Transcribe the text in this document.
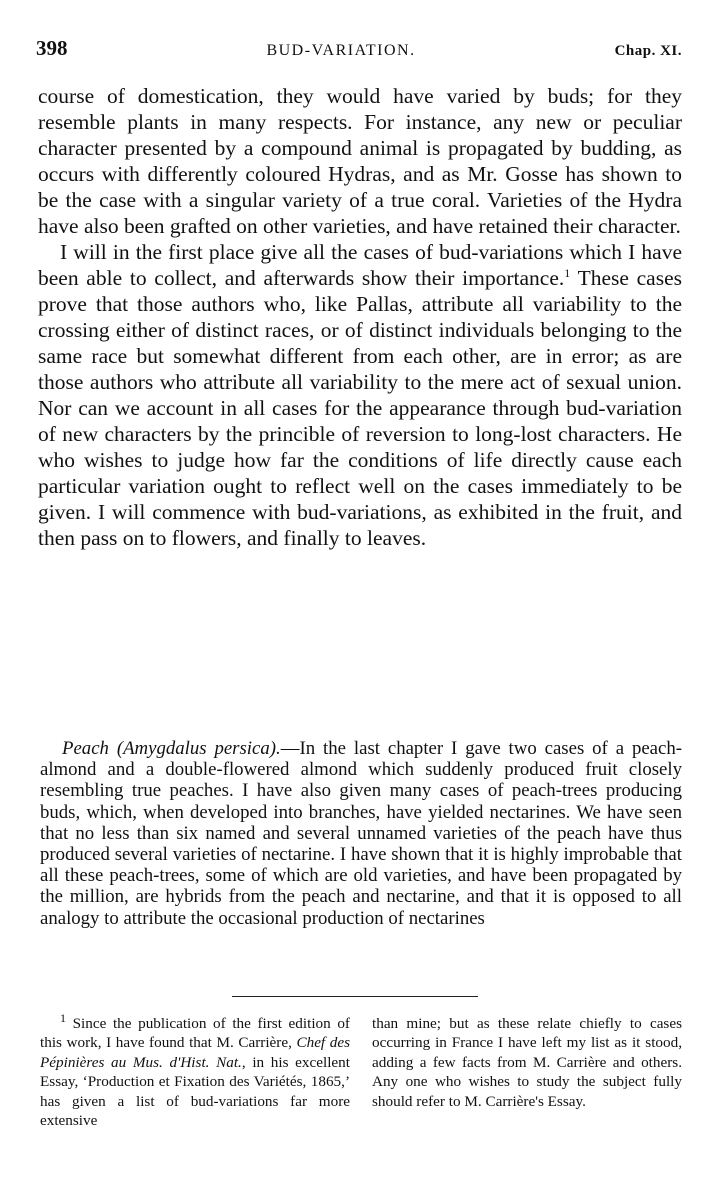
398	BUD-VARIATION.	Chap. XI.

course of domestication, they would have varied by buds; for they resemble plants in many respects. For instance, any new or peculiar character presented by a compound animal is propagated by budding, as occurs with differently coloured Hydras, and as Mr. Gosse has shown to be the case with a singular variety of a true coral. Varieties of the Hydra have also been grafted on other varieties, and have retained their character.

I will in the first place give all the cases of bud-variations which I have been able to collect, and afterwards show their importance.$^1$ These cases prove that those authors who, like Pallas, attribute all variability to the crossing either of distinct races, or of distinct individuals belonging to the same race but somewhat different from each other, are in error; as are those authors who attribute all variability to the mere act of sexual union. Nor can we account in all cases for the appearance through bud-variation of new characters by the princible of reversion to long-lost characters. He who wishes to judge how far the conditions of life directly cause each particular variation ought to reflect well on the cases immediately to be given. I will commence with bud-variations, as exhibited in the fruit, and then pass on to flowers, and finally to leaves.

Peach (Amygdalus persica).—In the last chapter I gave two cases of a peach-almond and a double-flowered almond which suddenly produced fruit closely resembling true peaches. I have also given many cases of peach-trees producing buds, which, when developed into branches, have yielded nectarines. We have seen that no less than six named and several unnamed varieties of the peach have thus produced several varieties of nectarine. I have shown that it is highly improbable that all these peach-trees, some of which are old varieties, and have been propagated by the million, are hybrids from the peach and nectarine, and that it is opposed to all analogy to attribute the occasional production of nectarines

$^1$ Since the publication of the first edition of this work, I have found that M. Carrière, Chef des Pépinières au Mus. d'Hist. Nat., in his excellent Essay, ‘Production et Fixation des Variétés, 1865,’ has given a list of bud-variations far more extensive

than mine; but as these relate chiefly to cases occurring in France I have left my list as it stood, adding a few facts from M. Carrière and others. Any one who wishes to study the subject fully should refer to M. Carrière's Essay.
